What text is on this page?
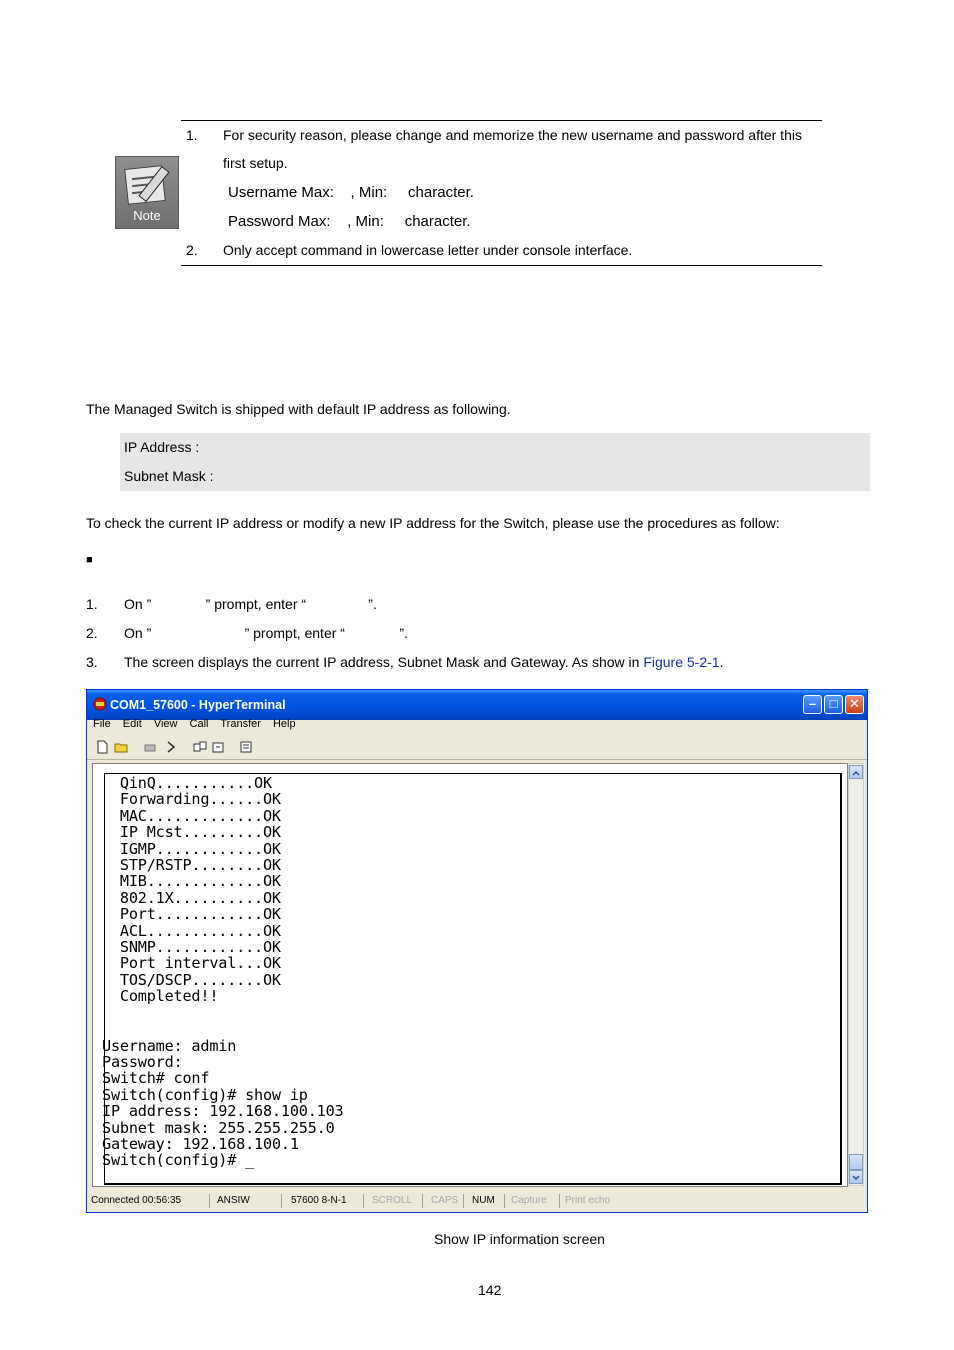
Note
1. For security reason, please change and memorize the new username and password after this
first setup.
Username Max:    , Min:     character.
Password Max:    , Min:     character.
2. Only accept command in lowercase letter under console interface.
The Managed Switch is shipped with default IP address as following.
IP Address :
Subnet Mask :
To check the current IP address or modify a new IP address for the Switch, please use the procedures as follow:
■
1. On ”              ” prompt, enter “                ”.
2. On ”                        ” prompt, enter “              ”.
3. The screen displays the current IP address, Subnet Mask and Gateway. As show in Figure 5-2-1.
COM1_57600 - HyperTerminal	–	□ ✕
File Edit View Call Transfer Help
QinQ...........OK
Forwarding......OK
MAC.............OK
IP Mcst.........OK
IGMP............OK
STP/RSTP........OK
MIB.............OK
802.1X..........OK
Port............OK
ACL.............OK
SNMP............OK
Port interval...OK
TOS/DSCP........OK
Completed!!

Username: admin
Password:
Switch# conf
Switch(config)# show ip
IP address: 192.168.100.103
Subnet mask: 255.255.255.0
Gateway: 192.168.100.1
Switch(config)# _
Connected 00:56:35	ANSIW	57600 8-N-1	SCROLL	CAPS	NUM	Capture	Print echo
Show IP information screen
142
